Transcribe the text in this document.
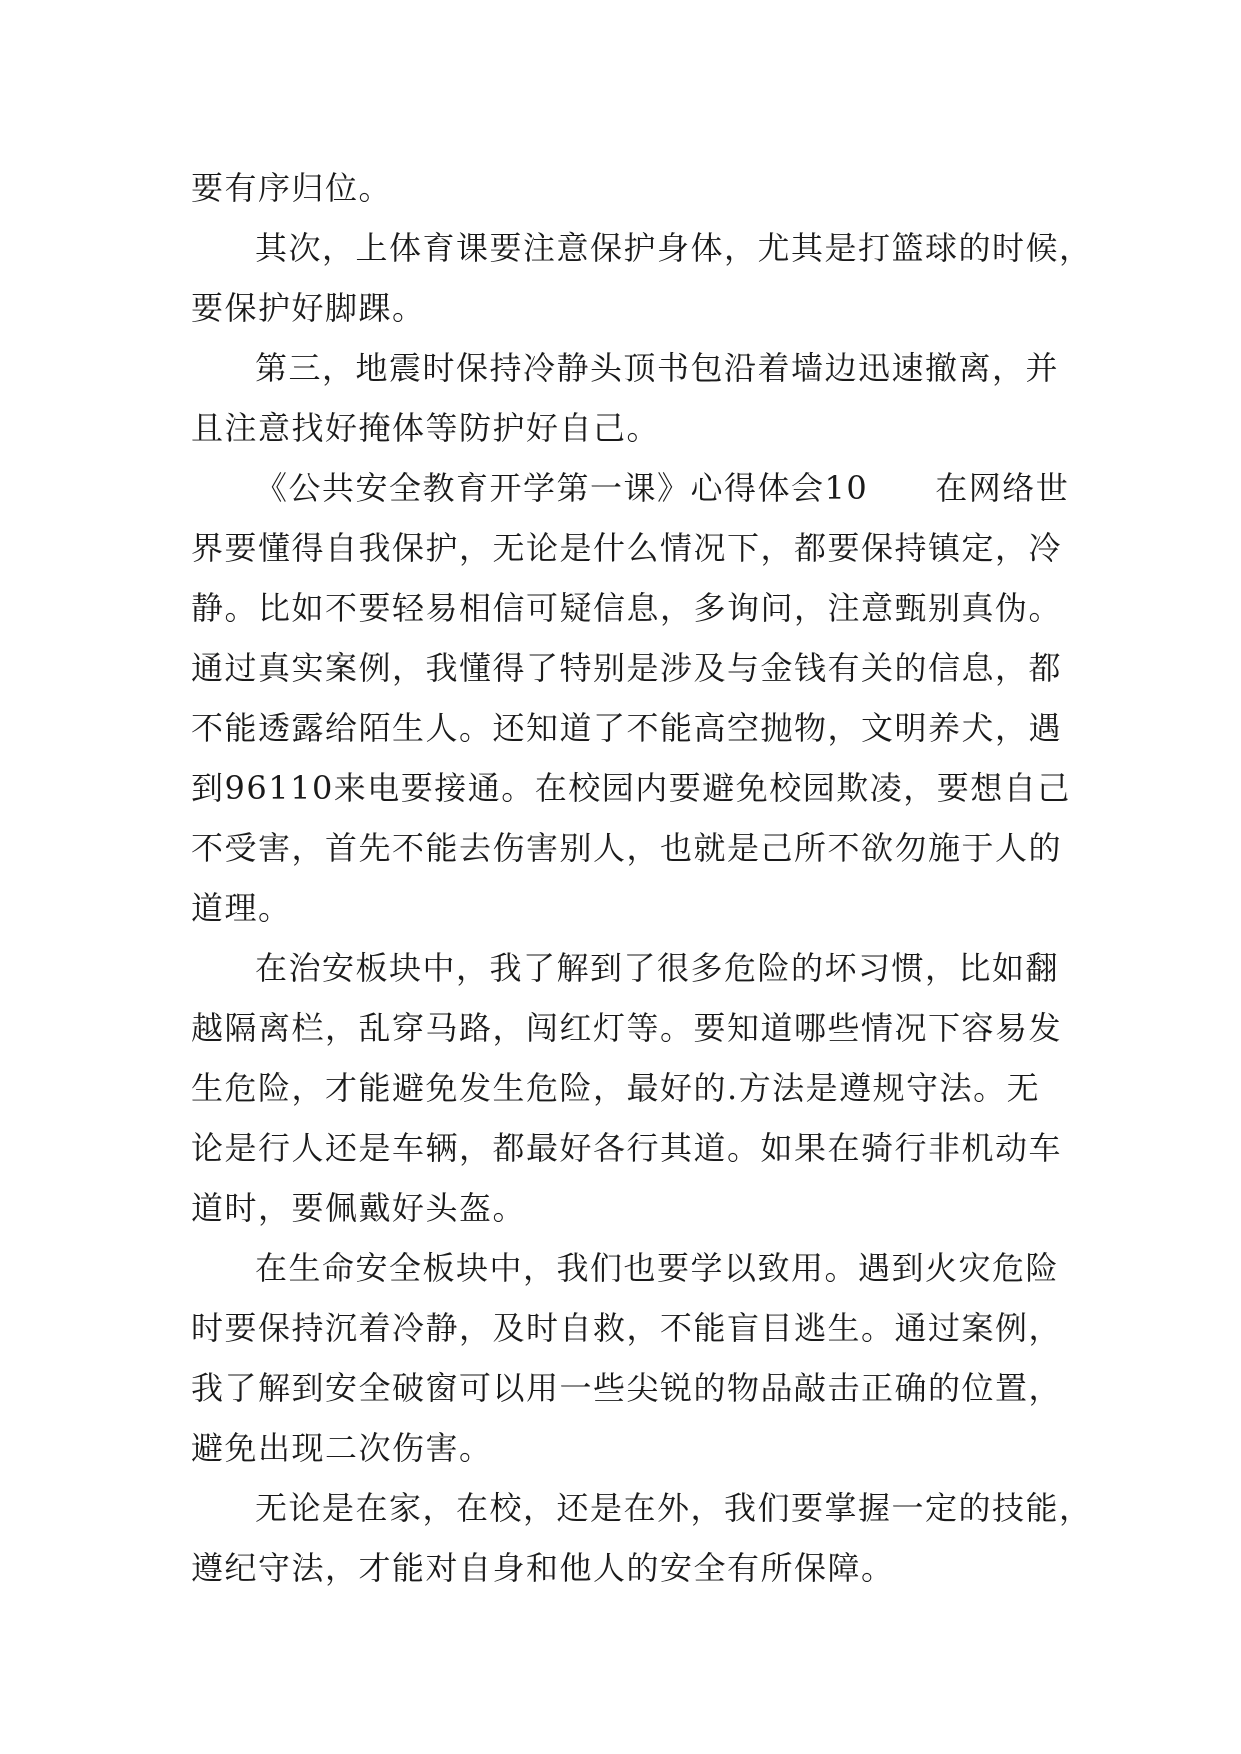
要有序归位。
其次，上体育课要注意保护身体，尤其是打篮球的时候，
要保护好脚踝。
第三，地震时保持冷静头顶书包沿着墙边迅速撤离，并
且注意找好掩体等防护好自己。
《公共安全教育开学第一课》心得体会10　　在网络世
界要懂得自我保护，无论是什么情况下，都要保持镇定，冷
静。比如不要轻易相信可疑信息，多询问，注意甄别真伪。
通过真实案例，我懂得了特别是涉及与金钱有关的信息，都
不能透露给陌生人。还知道了不能高空抛物，文明养犬，遇
到96110来电要接通。在校园内要避免校园欺凌，要想自己
不受害，首先不能去伤害别人，也就是己所不欲勿施于人的
道理。
在治安板块中，我了解到了很多危险的坏习惯，比如翻
越隔离栏，乱穿马路，闯红灯等。要知道哪些情况下容易发
生危险，才能避免发生危险，最好的.方法是遵规守法。无
论是行人还是车辆，都最好各行其道。如果在骑行非机动车
道时，要佩戴好头盔。
在生命安全板块中，我们也要学以致用。遇到火灾危险
时要保持沉着冷静，及时自救，不能盲目逃生。通过案例，
我了解到安全破窗可以用一些尖锐的物品敲击正确的位置，
避免出现二次伤害。
无论是在家，在校，还是在外，我们要掌握一定的技能，
遵纪守法，才能对自身和他人的安全有所保障。
